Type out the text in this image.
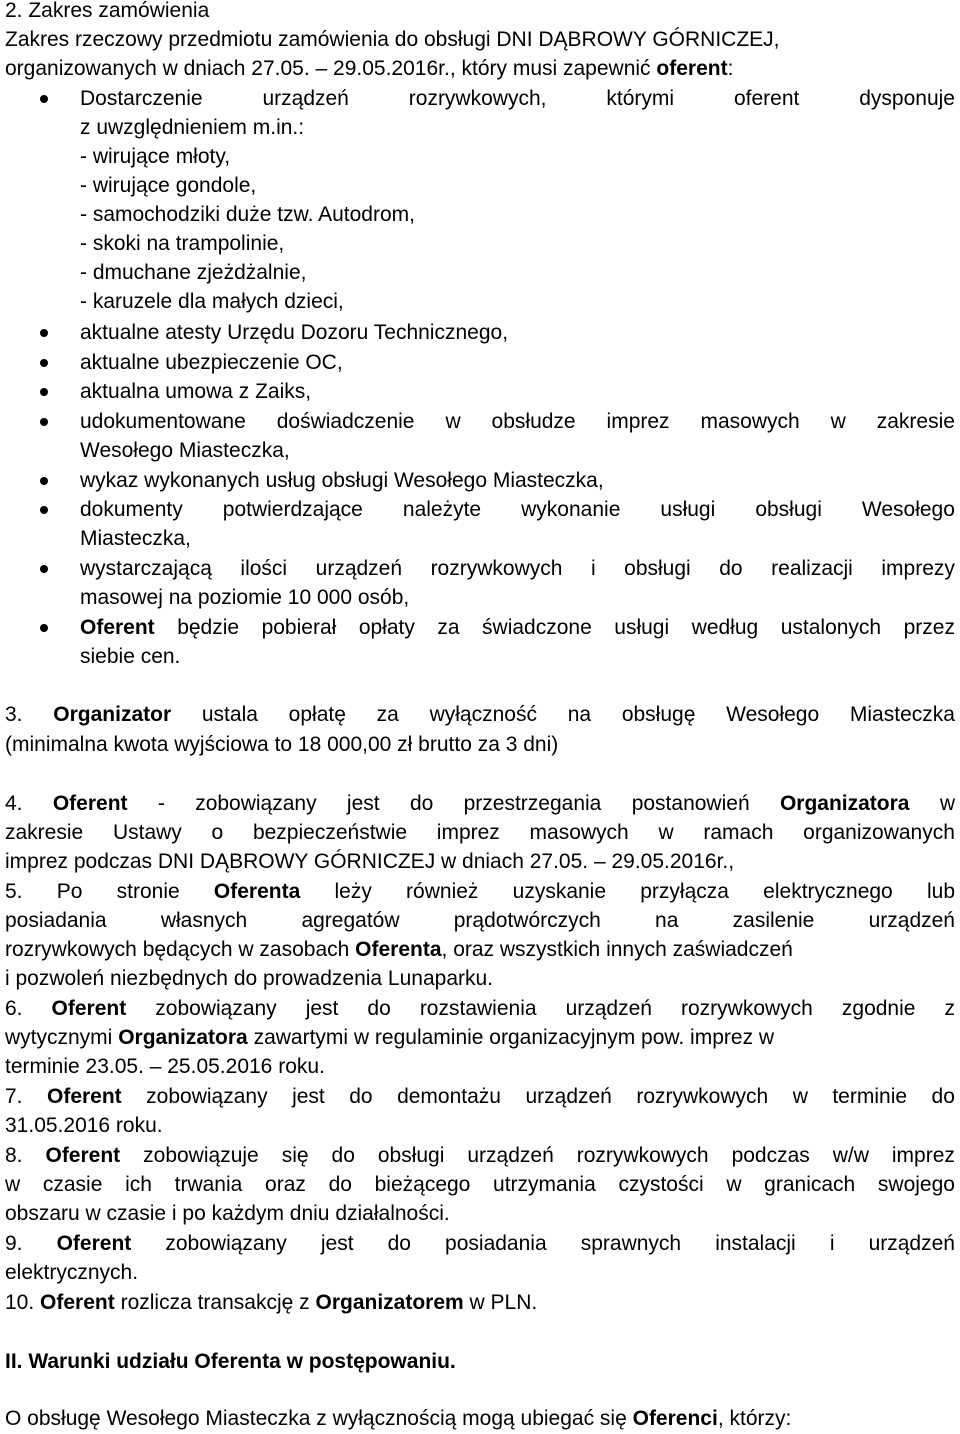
2. Zakres zamówienia
Zakres rzeczowy przedmiotu zamówienia do obsługi DNI DĄBROWY GÓRNICZEJ,
organizowanych w dniach 27.05. – 29.05.2016r., który musi zapewnić oferent:
Dostarczenie	urządzeń	rozrywkowych,	którymi	oferent	dysponuje
z uwzględnieniem m.in.:
- wirujące młoty,
- wirujące gondole,
- samochodziki duże tzw. Autodrom,
- skoki na trampolinie,
- dmuchane zjeżdżalnie,
- karuzele dla małych dzieci,
aktualne atesty Urzędu Dozoru Technicznego,
aktualne ubezpieczenie OC,
aktualna umowa z Zaiks,
udokumentowane doświadczenie w obsłudze imprez masowych w zakresie
Wesołego Miasteczka,
wykaz wykonanych usług obsługi Wesołego Miasteczka,
dokumenty potwierdzające należyte wykonanie usługi obsługi Wesołego
Miasteczka,
wystarczającą ilości urządzeń rozrywkowych i obsługi do realizacji imprezy
masowej na poziomie 10 000 osób,
Oferent będzie pobierał opłaty za świadczone usługi według ustalonych przez
siebie cen.
3. Organizator ustala opłatę za wyłączność na obsługę Wesołego Miasteczka
(minimalna kwota wyjściowa to 18 000,00 zł brutto za 3 dni)
4. Oferent - zobowiązany jest do przestrzegania postanowień Organizatora w
zakresie Ustawy o bezpieczeństwie imprez masowych w ramach organizowanych
imprez podczas DNI DĄBROWY GÓRNICZEJ w dniach 27.05. – 29.05.2016r.,
5. Po stronie Oferenta leży również uzyskanie przyłącza elektrycznego lub
posiadania	własnych	agregatów	prądotwórczych	na	zasilenie	urządzeń
rozrywkowych będących w zasobach Oferenta, oraz wszystkich innych zaświadczeń
i pozwoleń niezbędnych do prowadzenia Lunaparku.
6. Oferent zobowiązany jest do rozstawienia urządzeń rozrywkowych zgodnie z
wytycznymi Organizatora zawartymi w regulaminie organizacyjnym pow. imprez w
terminie 23.05. – 25.05.2016 roku.
7. Oferent zobowiązany jest do demontażu urządzeń rozrywkowych w terminie do
31.05.2016 roku.
8. Oferent zobowiązuje się do obsługi urządzeń rozrywkowych podczas w/w imprez
w czasie ich trwania oraz do bieżącego utrzymania czystości w granicach swojego
obszaru w czasie i po każdym dniu działalności.
9. Oferent zobowiązany jest do posiadania sprawnych instalacji i urządzeń
elektrycznych.
10. Oferent rozlicza transakcję z Organizatorem w PLN.
II. Warunki udziału Oferenta w postępowaniu.
O obsługę Wesołego Miasteczka z wyłącznością mogą ubiegać się Oferenci, którzy:
